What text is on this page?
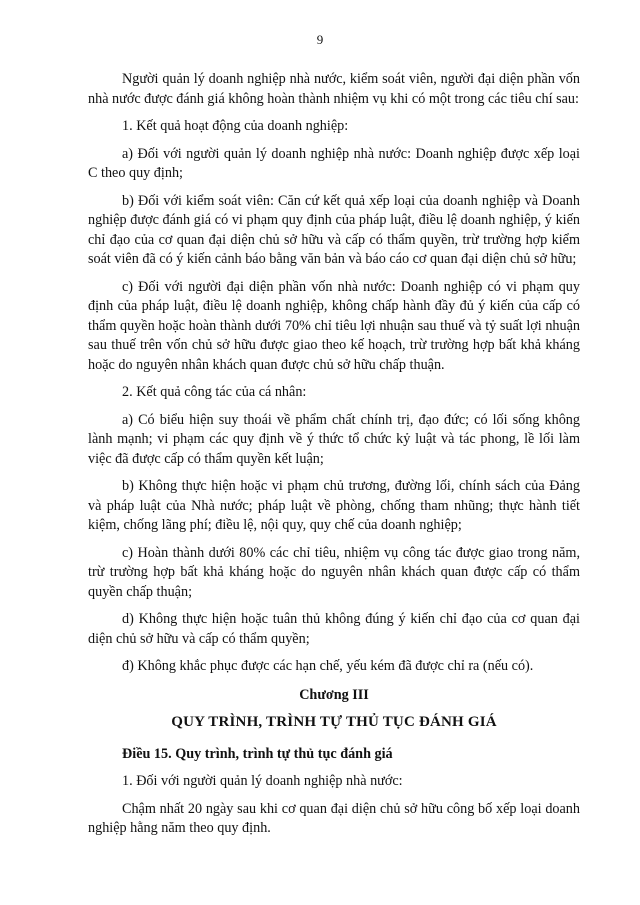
9

Người quản lý doanh nghiệp nhà nước, kiểm soát viên, người đại diện phần vốn nhà nước được đánh giá không hoàn thành nhiệm vụ khi có một trong các tiêu chí sau:

1. Kết quả hoạt động của doanh nghiệp:

a) Đối với người quản lý doanh nghiệp nhà nước: Doanh nghiệp được xếp loại C theo quy định;

b) Đối với kiểm soát viên: Căn cứ kết quả xếp loại của doanh nghiệp và Doanh nghiệp được đánh giá có vi phạm quy định của pháp luật, điều lệ doanh nghiệp, ý kiến chỉ đạo của cơ quan đại diện chủ sở hữu và cấp có thẩm quyền, trừ trường hợp kiểm soát viên đã có ý kiến cảnh báo bằng văn bản và báo cáo cơ quan đại diện chủ sở hữu;

c) Đối với người đại diện phần vốn nhà nước: Doanh nghiệp có vi phạm quy định của pháp luật, điều lệ doanh nghiệp, không chấp hành đầy đủ ý kiến của cấp có thẩm quyền hoặc hoàn thành dưới 70% chỉ tiêu lợi nhuận sau thuế và tỷ suất lợi nhuận sau thuế trên vốn chủ sở hữu được giao theo kế hoạch, trừ trường hợp bất khả kháng hoặc do nguyên nhân khách quan được chủ sở hữu chấp thuận.

2. Kết quả công tác của cá nhân:

a) Có biểu hiện suy thoái về phẩm chất chính trị, đạo đức; có lối sống không lành mạnh; vi phạm các quy định về ý thức tổ chức kỷ luật và tác phong, lề lối làm việc đã được cấp có thẩm quyền kết luận;

b) Không thực hiện hoặc vi phạm chủ trương, đường lối, chính sách của Đảng và pháp luật của Nhà nước; pháp luật về phòng, chống tham nhũng; thực hành tiết kiệm, chống lãng phí; điều lệ, nội quy, quy chế của doanh nghiệp;

c) Hoàn thành dưới 80% các chỉ tiêu, nhiệm vụ công tác được giao trong năm, trừ trường hợp bất khả kháng hoặc do nguyên nhân khách quan được cấp có thẩm quyền chấp thuận;

d) Không thực hiện hoặc tuân thủ không đúng ý kiến chỉ đạo của cơ quan đại diện chủ sở hữu và cấp có thẩm quyền;

đ) Không khắc phục được các hạn chế, yếu kém đã được chỉ ra (nếu có).

Chương III
QUY TRÌNH, TRÌNH TỰ THỦ TỤC ĐÁNH GIÁ

Điều 15. Quy trình, trình tự thủ tục đánh giá

1. Đối với người quản lý doanh nghiệp nhà nước:

Chậm nhất 20 ngày sau khi cơ quan đại diện chủ sở hữu công bố xếp loại doanh nghiệp hằng năm theo quy định.
